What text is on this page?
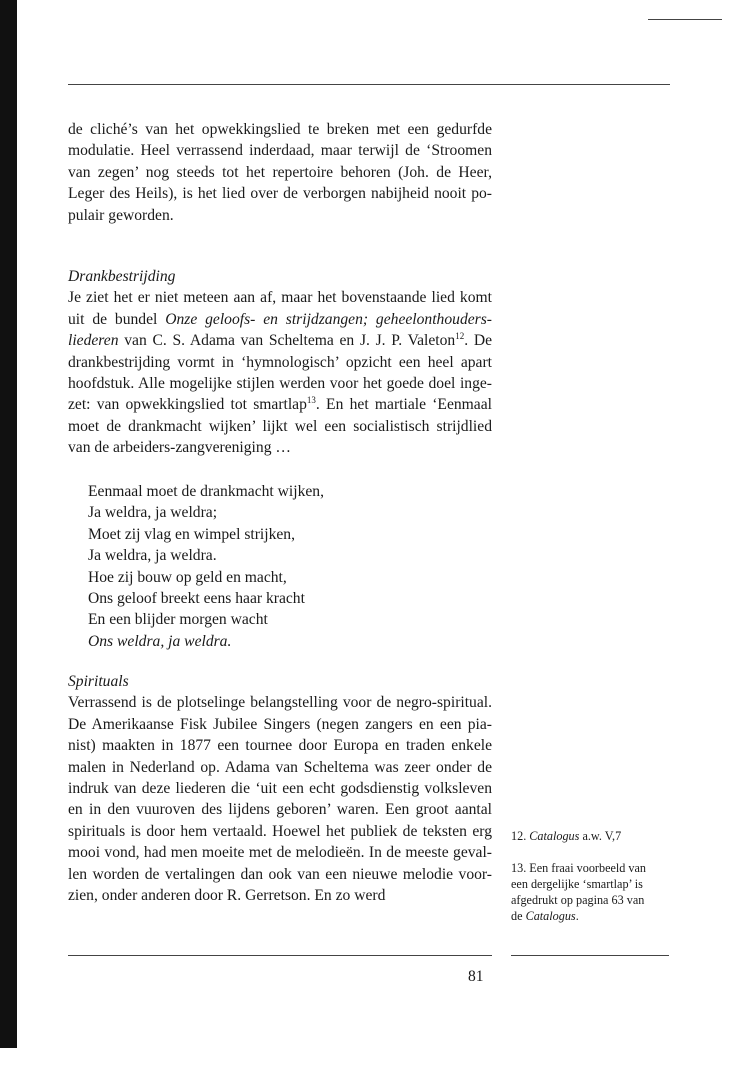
de cliché’s van het opwekkingslied te breken met een gedurfde
modulatie. Heel verrassend inderdaad, maar terwijl de ‘Stroomen
van zegen’ nog steeds tot het repertoire behoren (Joh. de Heer,
Leger des Heils), is het lied over de verborgen nabijheid nooit po-
pulair geworden.
Drankbestrijding
Je ziet het er niet meteen aan af, maar het bovenstaande lied komt
uit de bundel Onze geloofs- en strijdzangen; geheelonthouders-
liederen van C. S. Adama van Scheltema en J. J. P. Valeton$^{12}$. De
drankbestrijding vormt in ‘hymnologisch’ opzicht een heel apart
hoofdstuk. Alle mogelijke stijlen werden voor het goede doel inge-
zet: van opwekkingslied tot smartlap$^{13}$. En het martiale ‘Eenmaal
moet de drankmacht wijken’ lijkt wel een socialistisch strijdlied
van de arbeiders-zangvereniging …
Eenmaal moet de drankmacht wijken,
Ja weldra, ja weldra;
Moet zij vlag en wimpel strijken,
Ja weldra, ja weldra.
Hoe zij bouw op geld en macht,
Ons geloof breekt eens haar kracht
En een blijder morgen wacht
Ons weldra, ja weldra.
Spirituals
Verrassend is de plotselinge belangstelling voor de negro-spiritual.
De Amerikaanse Fisk Jubilee Singers (negen zangers en een pia-
nist) maakten in 1877 een tournee door Europa en traden enkele
malen in Nederland op. Adama van Scheltema was zeer onder de
indruk van deze liederen die ‘uit een echt godsdienstig volksleven
en in den vuuroven des lijdens geboren’ waren. Een groot aantal
spirituals is door hem vertaald. Hoewel het publiek de teksten erg
mooi vond, had men moeite met de melodieën. In de meeste geval-
len worden de vertalingen dan ook van een nieuwe melodie voor-
zien, onder anderen door R. Gerretson. En zo werd
12. Catalogus a.w. V,7
13. Een fraai voorbeeld van
een dergelijke ‘smartlap’ is
afgedrukt op pagina 63 van
de Catalogus.
81
